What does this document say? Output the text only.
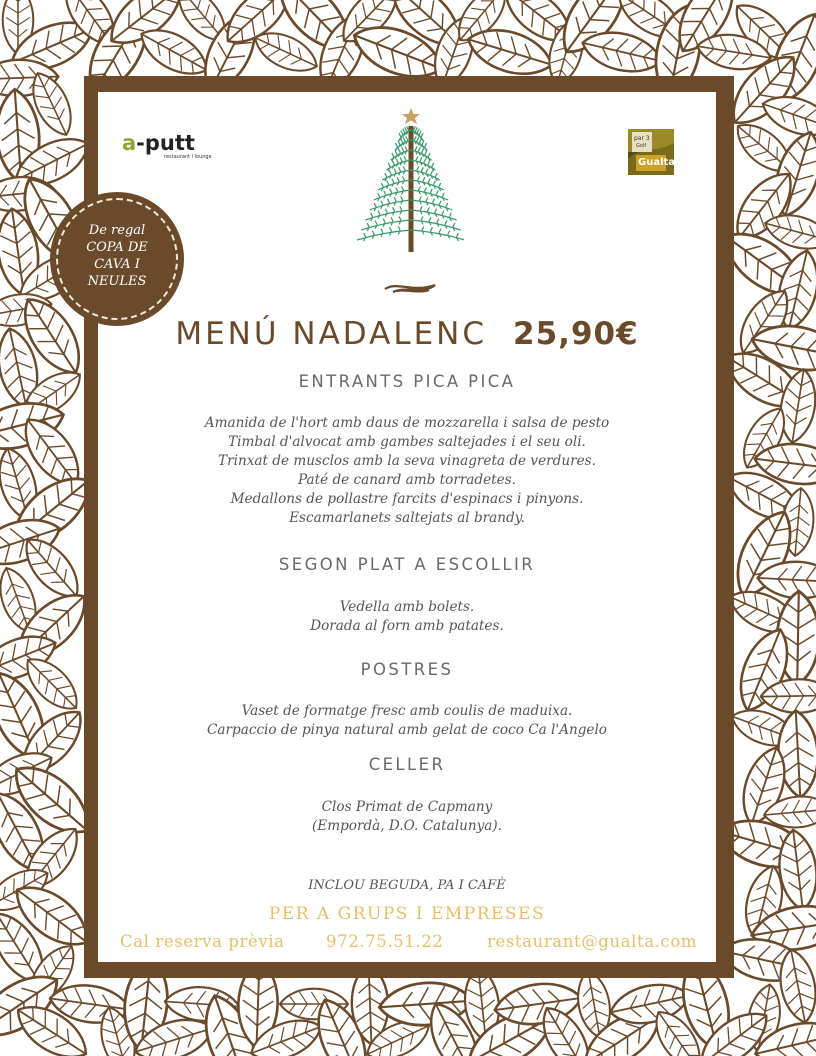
a-putt
restaurant i lounge
par 3
Golf
Gualta
MENÚ NADALENC 25,90€
ENTRANTS PICA PICA
Amanida de l'hort amb daus de mozzarella i salsa de pesto
Timbal d'alvocat amb gambes saltejades i el seu oli.
Trinxat de musclos amb la seva vinagreta de verdures.
Paté de canard amb torradetes.
Medallons de pollastre farcits d'espinacs i pinyons.
Escamarlanets saltejats al brandy.
SEGON PLAT A ESCOLLIR
Vedella amb bolets.
Dorada al forn amb patates.
POSTRES
Vaset de formatge fresc amb coulis de maduixa.
Carpaccio de pinya natural amb gelat de coco Ca l'Angelo
CELLER
Clos Primat de Capmany
(Empordà, D.O. Catalunya).
INCLOU BEGUDA, PA I CAFÈ
PER A GRUPS I EMPRESES
Cal reserva prèvia	972.75.51.22	restaurant@gualta.com
De regal
COPA DE
CAVA I
NEULES
